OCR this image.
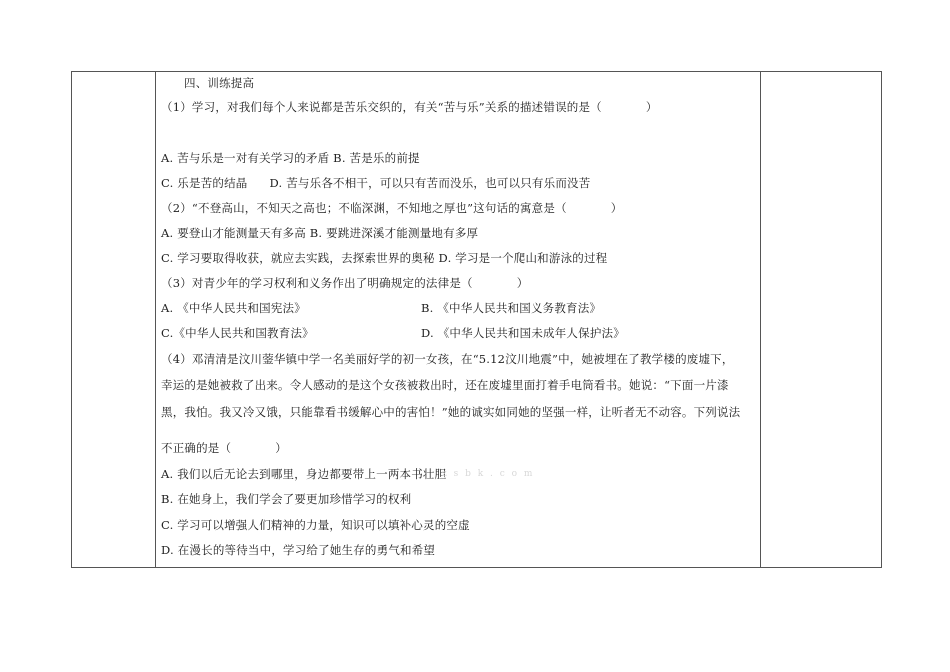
四、训练提高
（1）学习，对我们每个人来说都是苦乐交织的，有关“苦与乐”关系的描述错误的是（	）
A. 苦与乐是一对有关学习的矛盾 B. 苦是乐的前提
C. 乐是苦的结晶 D. 苦与乐各不相干，可以只有苦而没乐，也可以只有乐而没苦
（2）“不登高山，不知天之高也；不临深渊，不知地之厚也”这句话的寓意是（	）
A. 要登山才能测量天有多高 B. 要跳进深溪才能测量地有多厚
C. 学习要取得收获，就应去实践，去探索世界的奥秘 D. 学习是一个爬山和游泳的过程
（3）对青少年的学习权利和义务作出了明确规定的法律是（	）
A. 《中华人民共和国宪法》	B. 《中华人民共和国义务教育法》
C.《中华人民共和国教育法》	D. 《中华人民共和国未成年人保护法》
（4）邓清清是汶川蓥华镇中学一名美丽好学的初一女孩，在“5.12汶川地震”中，她被埋在了教学楼的废墟下，
幸运的是她被救了出来。令人感动的是这个女孩被救出时，还在废墟里面打着手电筒看书。她说：“下面一片漆
黑，我怕。我又冷又饿，只能靠看书缓解心中的害怕！”她的诚实如同她的坚强一样，让听者无不动容。下列说法
不正确的是（	）
A. 我们以后无论去到哪里，身边都要带上一两本书壮胆
z s b k . c o m
B. 在她身上，我们学会了要更加珍惜学习的权利
C. 学习可以增强人们精神的力量，知识可以填补心灵的空虚
D. 在漫长的等待当中，学习给了她生存的勇气和希望
